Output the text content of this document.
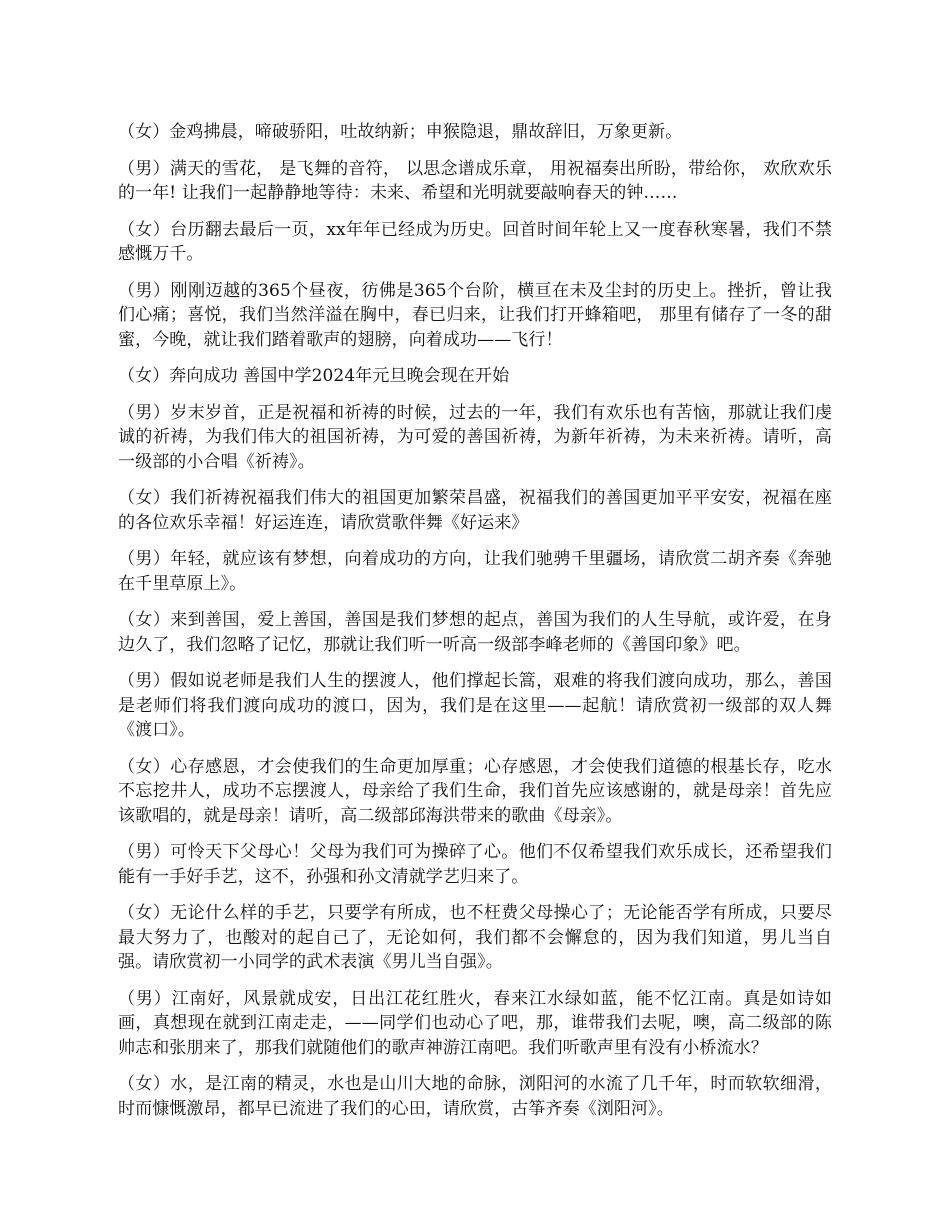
（女）金鸡拂晨，啼破骄阳，吐故纳新；申猴隐退，鼎故辞旧，万象更新。

（男）满天的雪花， 是飞舞的音符， 以思念谱成乐章， 用祝福奏出所盼，带给你， 欢欣欢乐的一年! 让我们一起静静地等待：未来、希望和光明就要敲响春天的钟……

（女）台历翻去最后一页，xx年年已经成为历史。回首时间年轮上又一度春秋寒暑，我们不禁感慨万千。

（男）刚刚迈越的365个昼夜，彷佛是365个台阶，横亘在未及尘封的历史上。挫折，曾让我们心痛；喜悦，我们当然洋溢在胸中，春已归来，让我们打开蜂箱吧， 那里有储存了一冬的甜蜜，今晚，就让我们踏着歌声的翅膀，向着成功——飞行！

（女）奔向成功 善国中学2024年元旦晚会现在开始

（男）岁末岁首，正是祝福和祈祷的时候，过去的一年，我们有欢乐也有苦恼，那就让我们虔诚的祈祷，为我们伟大的祖国祈祷，为可爱的善国祈祷，为新年祈祷，为未来祈祷。请听，高一级部的小合唱《祈祷》。

（女）我们祈祷祝福我们伟大的祖国更加繁荣昌盛，祝福我们的善国更加平平安安，祝福在座的各位欢乐幸福！好运连连，请欣赏歌伴舞《好运来》

（男）年轻，就应该有梦想，向着成功的方向，让我们驰骋千里疆场，请欣赏二胡齐奏《奔驰在千里草原上》。

（女）来到善国，爱上善国，善国是我们梦想的起点，善国为我们的人生导航，或许爱，在身边久了，我们忽略了记忆，那就让我们听一听高一级部李峰老师的《善国印象》吧。

（男）假如说老师是我们人生的摆渡人，他们撑起长篙，艰难的将我们渡向成功，那么，善国是老师们将我们渡向成功的渡口，因为，我们是在这里——起航！请欣赏初一级部的双人舞《渡口》。

（女）心存感恩，才会使我们的生命更加厚重；心存感恩，才会使我们道德的根基长存，吃水不忘挖井人，成功不忘摆渡人，母亲给了我们生命，我们首先应该感谢的，就是母亲！首先应该歌唱的，就是母亲！请听，高二级部邱海洪带来的歌曲《母亲》。

（男）可怜天下父母心！父母为我们可为操碎了心。他们不仅希望我们欢乐成长，还希望我们能有一手好手艺，这不，孙强和孙文清就学艺归来了。

（女）无论什么样的手艺，只要学有所成，也不枉费父母操心了；无论能否学有所成，只要尽最大努力了，也酸对的起自己了，无论如何，我们都不会懈怠的，因为我们知道，男儿当自强。请欣赏初一小同学的武术表演《男儿当自强》。

（男）江南好，风景就成安，日出江花红胜火，春来江水绿如蓝，能不忆江南。真是如诗如画，真想现在就到江南走走，——同学们也动心了吧，那，谁带我们去呢，噢，高二级部的陈帅志和张朋来了，那我们就随他们的歌声神游江南吧。我们听歌声里有没有小桥流水？

（女）水，是江南的精灵，水也是山川大地的命脉，浏阳河的水流了几千年，时而软软细滑，时而慷慨激昂，都早已流进了我们的心田，请欣赏，古筝齐奏《浏阳河》。
